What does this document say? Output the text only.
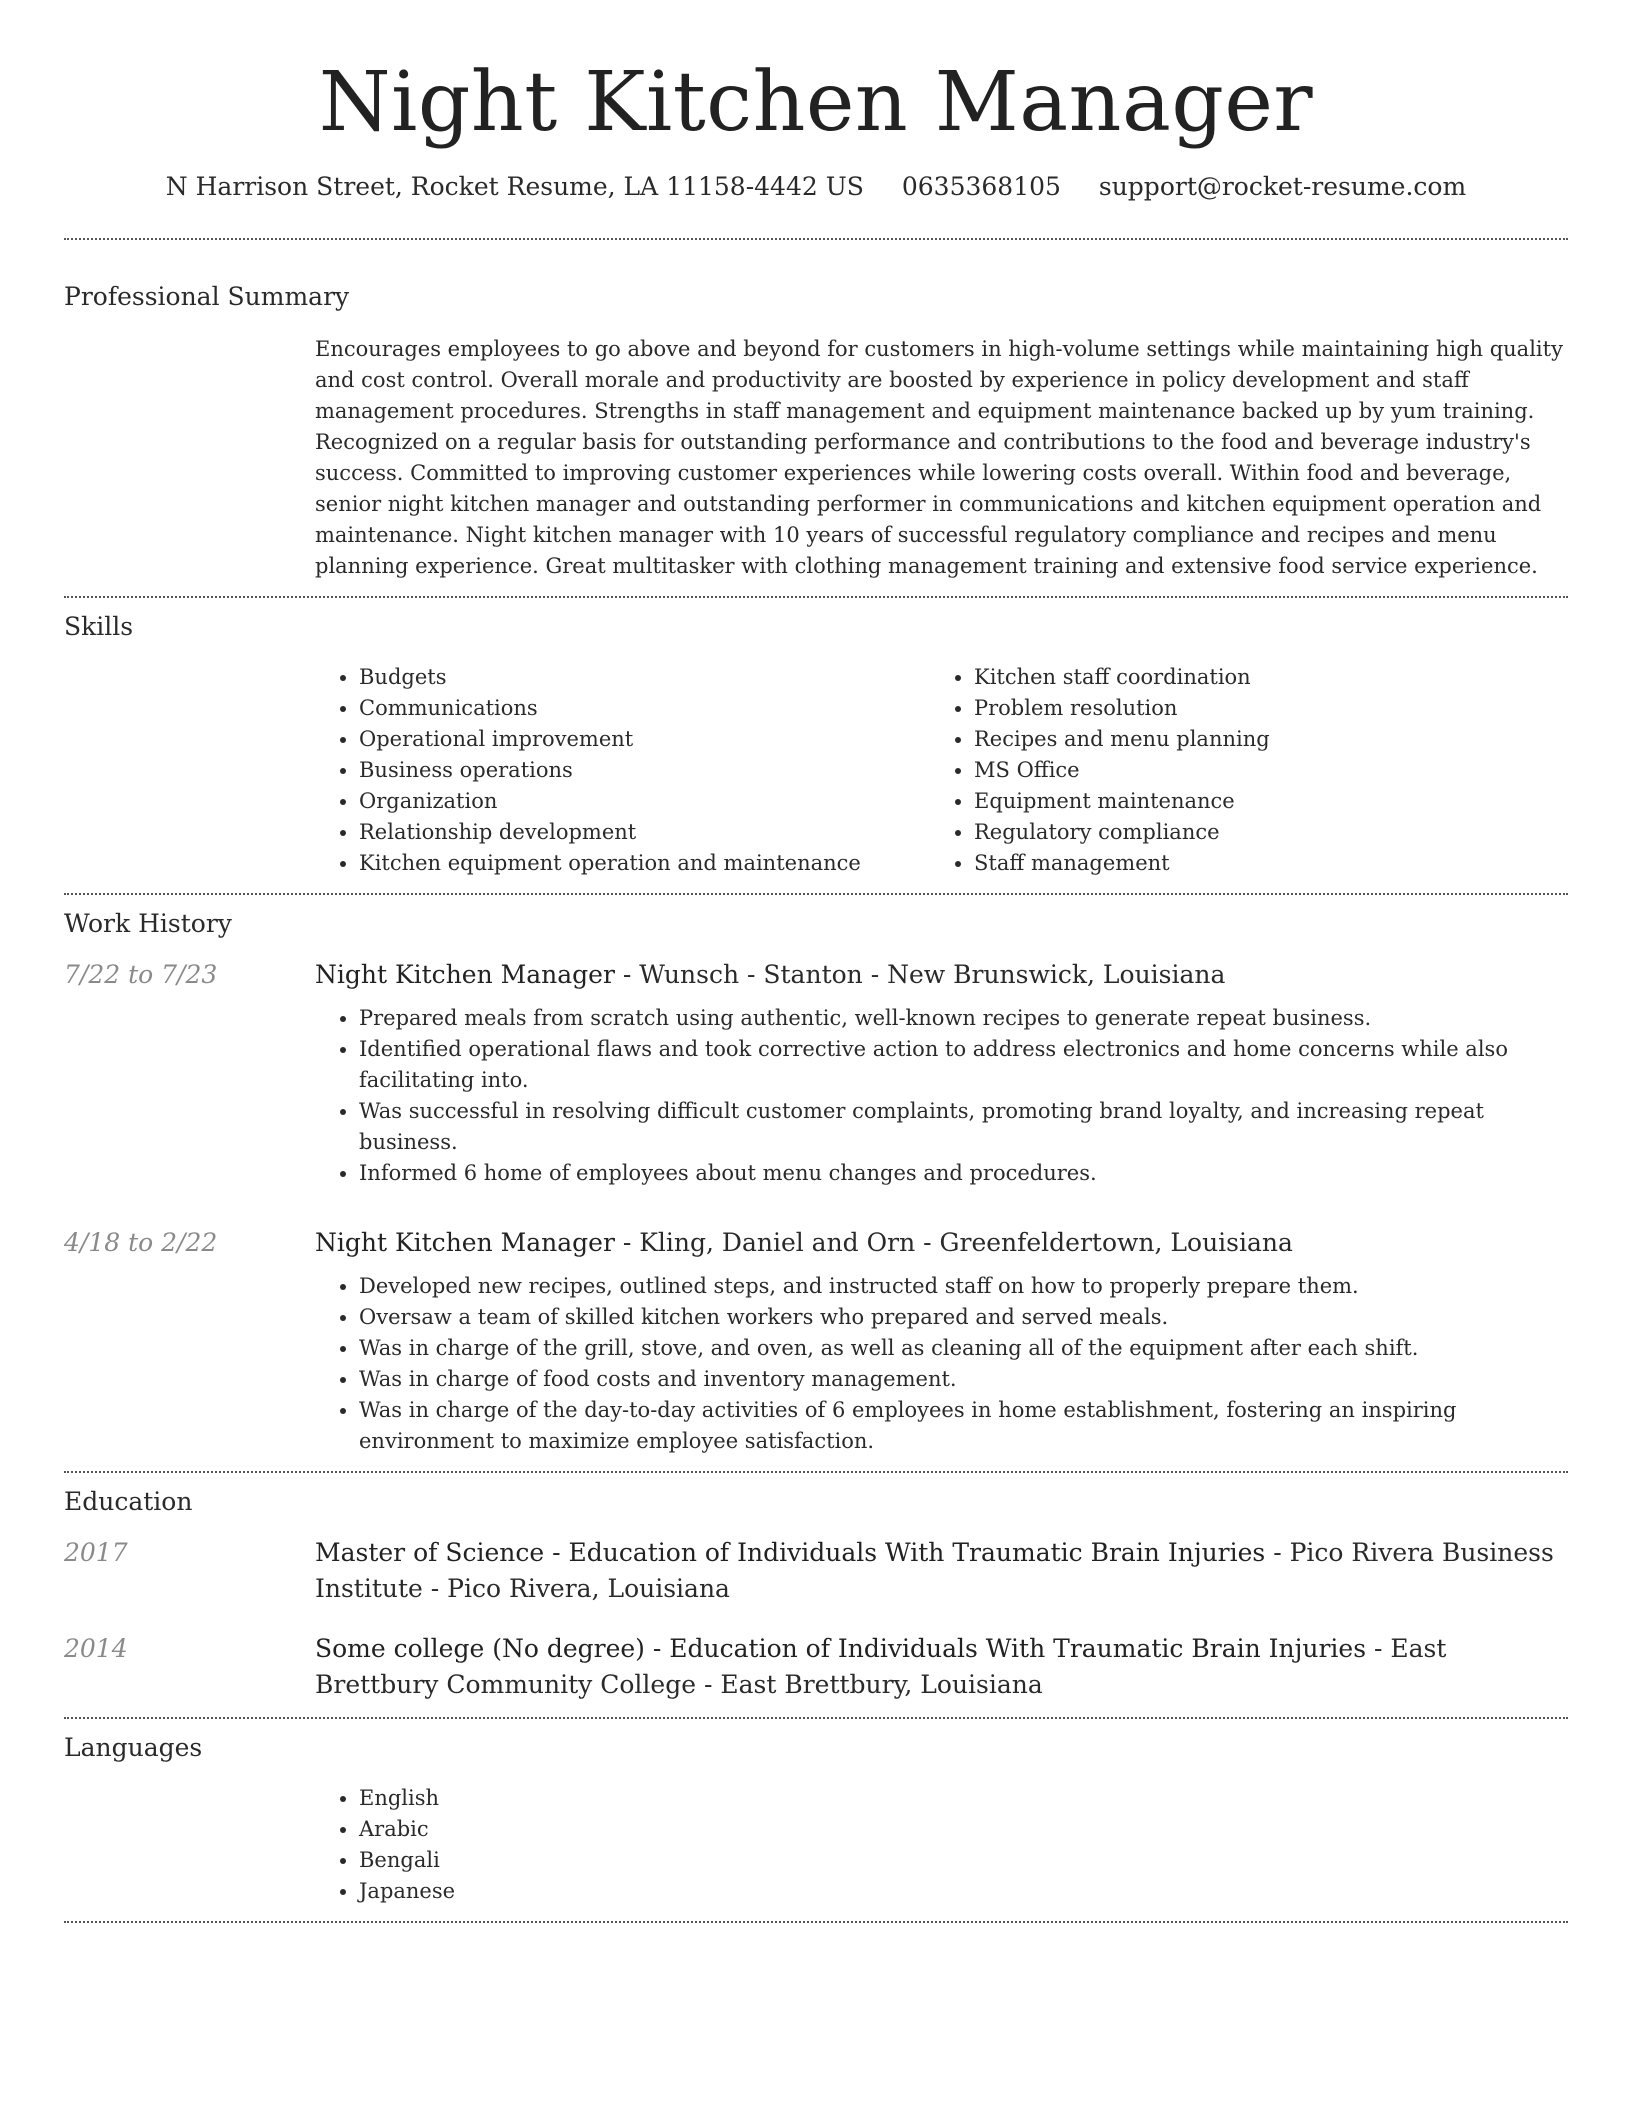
Night Kitchen Manager
N Harrison Street, Rocket Resume, LA 11158-4442 US 0635368105 support@rocket-resume.com
Professional Summary
Encourages employees to go above and beyond for customers in high-volume settings while maintaining high quality and cost control. Overall morale and productivity are boosted by experience in policy development and staff management procedures. Strengths in staff management and equipment maintenance backed up by yum training. Recognized on a regular basis for outstanding performance and contributions to the food and beverage industry's success. Committed to improving customer experiences while lowering costs overall. Within food and beverage, senior night kitchen manager and outstanding performer in communications and kitchen equipment operation and maintenance. Night kitchen manager with 10 years of successful regulatory compliance and recipes and menu planning experience. Great multitasker with clothing management training and extensive food service experience.
Skills
• Budgets
• Communications
• Operational improvement
• Business operations
• Organization
• Relationship development
• Kitchen equipment operation and maintenance
• Kitchen staff coordination
• Problem resolution
• Recipes and menu planning
• MS Office
• Equipment maintenance
• Regulatory compliance
• Staff management
Work History
7/22 to 7/23	Night Kitchen Manager - Wunsch - Stanton - New Brunswick, Louisiana
• Prepared meals from scratch using authentic, well-known recipes to generate repeat business.
• Identified operational flaws and took corrective action to address electronics and home concerns while also facilitating into.
• Was successful in resolving difficult customer complaints, promoting brand loyalty, and increasing repeat business.
• Informed 6 home of employees about menu changes and procedures.
4/18 to 2/22	Night Kitchen Manager - Kling, Daniel and Orn - Greenfeldertown, Louisiana
• Developed new recipes, outlined steps, and instructed staff on how to properly prepare them.
• Oversaw a team of skilled kitchen workers who prepared and served meals.
• Was in charge of the grill, stove, and oven, as well as cleaning all of the equipment after each shift.
• Was in charge of food costs and inventory management.
• Was in charge of the day-to-day activities of 6 employees in home establishment, fostering an inspiring environment to maximize employee satisfaction.
Education
2017	Master of Science - Education of Individuals With Traumatic Brain Injuries - Pico Rivera Business Institute - Pico Rivera, Louisiana
2014	Some college (No degree) - Education of Individuals With Traumatic Brain Injuries - East Brettbury Community College - East Brettbury, Louisiana
Languages
• English
• Arabic
• Bengali
• Japanese
